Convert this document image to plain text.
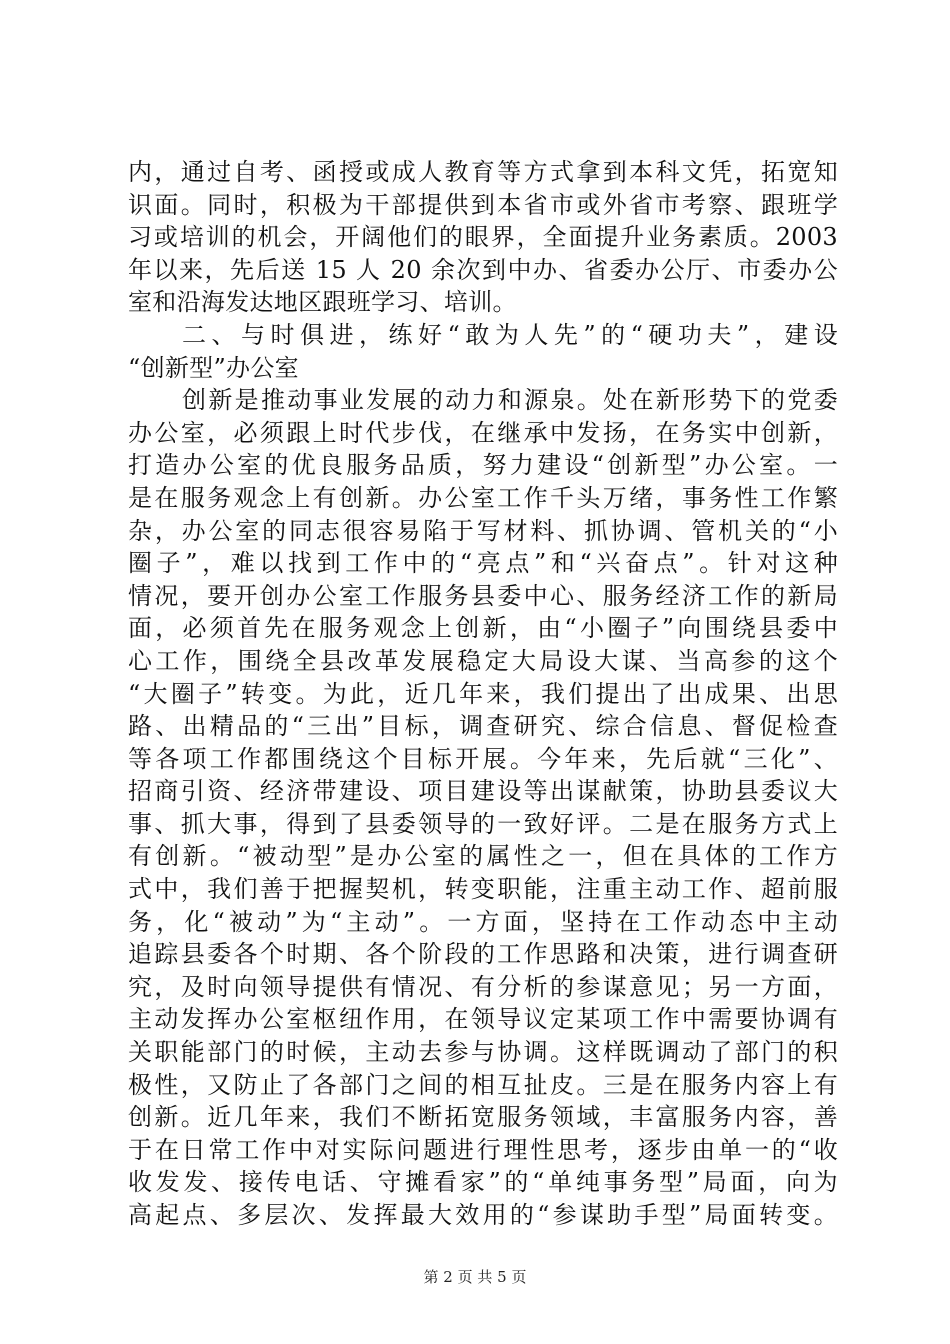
内，通过自考、函授或成人教育等方式拿到本科文凭，拓宽知
识面。同时，积极为干部提供到本省市或外省市考察、跟班学
习或培训的机会，开阔他们的眼界，全面提升业务素质。2003
年以来，先后送 15 人 20 余次到中办、省委办公厅、市委办公
室和沿海发达地区跟班学习、培训。
二、与时俱进，练好“敢为人先”的“硬功夫”，建设
“创新型”办公室
创新是推动事业发展的动力和源泉。处在新形势下的党委
办公室，必须跟上时代步伐，在继承中发扬，在务实中创新，
打造办公室的优良服务品质，努力建设“创新型”办公室。一
是在服务观念上有创新。办公室工作千头万绪，事务性工作繁
杂，办公室的同志很容易陷于写材料、抓协调、管机关的“小
圈子”，难以找到工作中的“亮点”和“兴奋点”。针对这种
情况，要开创办公室工作服务县委中心、服务经济工作的新局
面，必须首先在服务观念上创新，由“小圈子”向围绕县委中
心工作，围绕全县改革发展稳定大局设大谋、当高参的这个
“大圈子”转变。为此，近几年来，我们提出了出成果、出思
路、出精品的“三出”目标，调查研究、综合信息、督促检查
等各项工作都围绕这个目标开展。今年来，先后就“三化”、
招商引资、经济带建设、项目建设等出谋献策，协助县委议大
事、抓大事，得到了县委领导的一致好评。二是在服务方式上
有创新。“被动型”是办公室的属性之一，但在具体的工作方
式中，我们善于把握契机，转变职能，注重主动工作、超前服
务，化“被动”为“主动”。一方面，坚持在工作动态中主动
追踪县委各个时期、各个阶段的工作思路和决策，进行调查研
究，及时向领导提供有情况、有分析的参谋意见；另一方面，
主动发挥办公室枢纽作用，在领导议定某项工作中需要协调有
关职能部门的时候，主动去参与协调。这样既调动了部门的积
极性，又防止了各部门之间的相互扯皮。三是在服务内容上有
创新。近几年来，我们不断拓宽服务领域，丰富服务内容，善
于在日常工作中对实际问题进行理性思考，逐步由单一的“收
收发发、接传电话、守摊看家”的“单纯事务型”局面，向为
高起点、多层次、发挥最大效用的“参谋助手型”局面转变。
第 2 页 共 5 页
